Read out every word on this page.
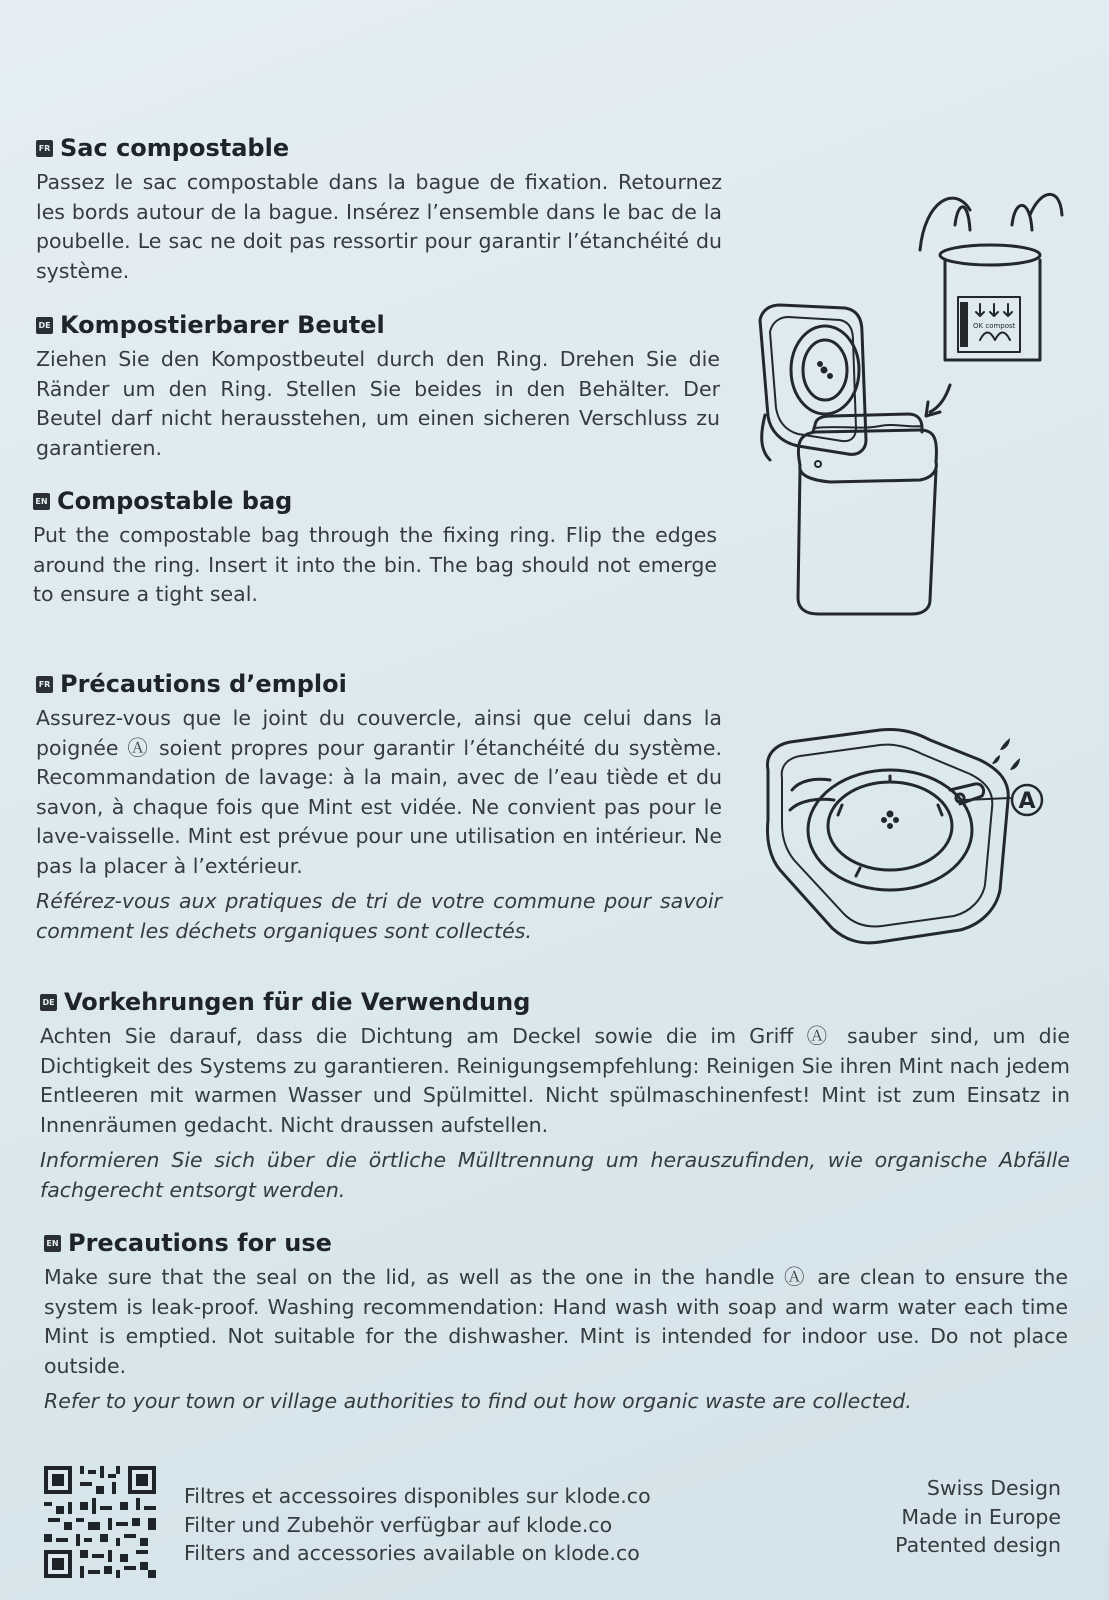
FR Sac compostable

Passez le sac compostable dans la bague de fixation. Retournez les bords autour de la bague. Insérez l’ensemble dans le bac de la poubelle. Le sac ne doit pas ressortir pour garantir l’étanchéité du système.

DE Kompostierbarer Beutel

Ziehen Sie den Kompostbeutel durch den Ring. Drehen Sie die Ränder um den Ring. Stellen Sie beides in den Behälter. Der Beutel darf nicht herausstehen, um einen sicheren Verschluss zu garantieren.

EN Compostable bag

Put the compostable bag through the fixing ring. Flip the edges around the ring. Insert it into the bin. The bag should not emerge to ensure a tight seal.

OK compost
FR Précautions d’emploi

Assurez-vous que le joint du couvercle, ainsi que celui dans la poignée Ⓐ soient propres pour garantir l’étanchéité du système. Recommandation de lavage: à la main, avec de l’eau tiède et du savon, à chaque fois que Mint est vidée. Ne convient pas pour le lave-vaisselle. Mint est prévue pour une utilisation en intérieur. Ne pas la placer à l’extérieur.

Référez-vous aux pratiques de tri de votre commune pour savoir comment les déchets organiques sont collectés.

A
DE Vorkehrungen für die Verwendung

Achten Sie darauf, dass die Dichtung am Deckel sowie die im Griff Ⓐ sauber sind, um die Dichtigkeit des Systems zu garantieren. Reinigungsempfehlung: Reinigen Sie ihren Mint nach jedem Entleeren mit warmen Wasser und Spülmittel. Nicht spülmaschinenfest! Mint ist zum Einsatz in Innenräumen gedacht. Nicht draussen aufstellen.

Informieren Sie sich über die örtliche Mülltrennung um herauszufinden, wie organische Abfälle fachgerecht entsorgt werden.

EN Precautions for use

Make sure that the seal on the lid, as well as the one in the handle Ⓐ are clean to ensure the system is leak-proof. Washing recommendation: Hand wash with soap and warm water each time Mint is emptied. Not suitable for the dishwasher. Mint is intended for indoor use. Do not place outside.

Refer to your town or village authorities to find out how organic waste are collected.

Filtres et accessoires disponibles sur klode.co
Filter und Zubehör verfügbar auf klode.co
Filters and accessories available on klode.co
Swiss Design
Made in Europe
Patented design
